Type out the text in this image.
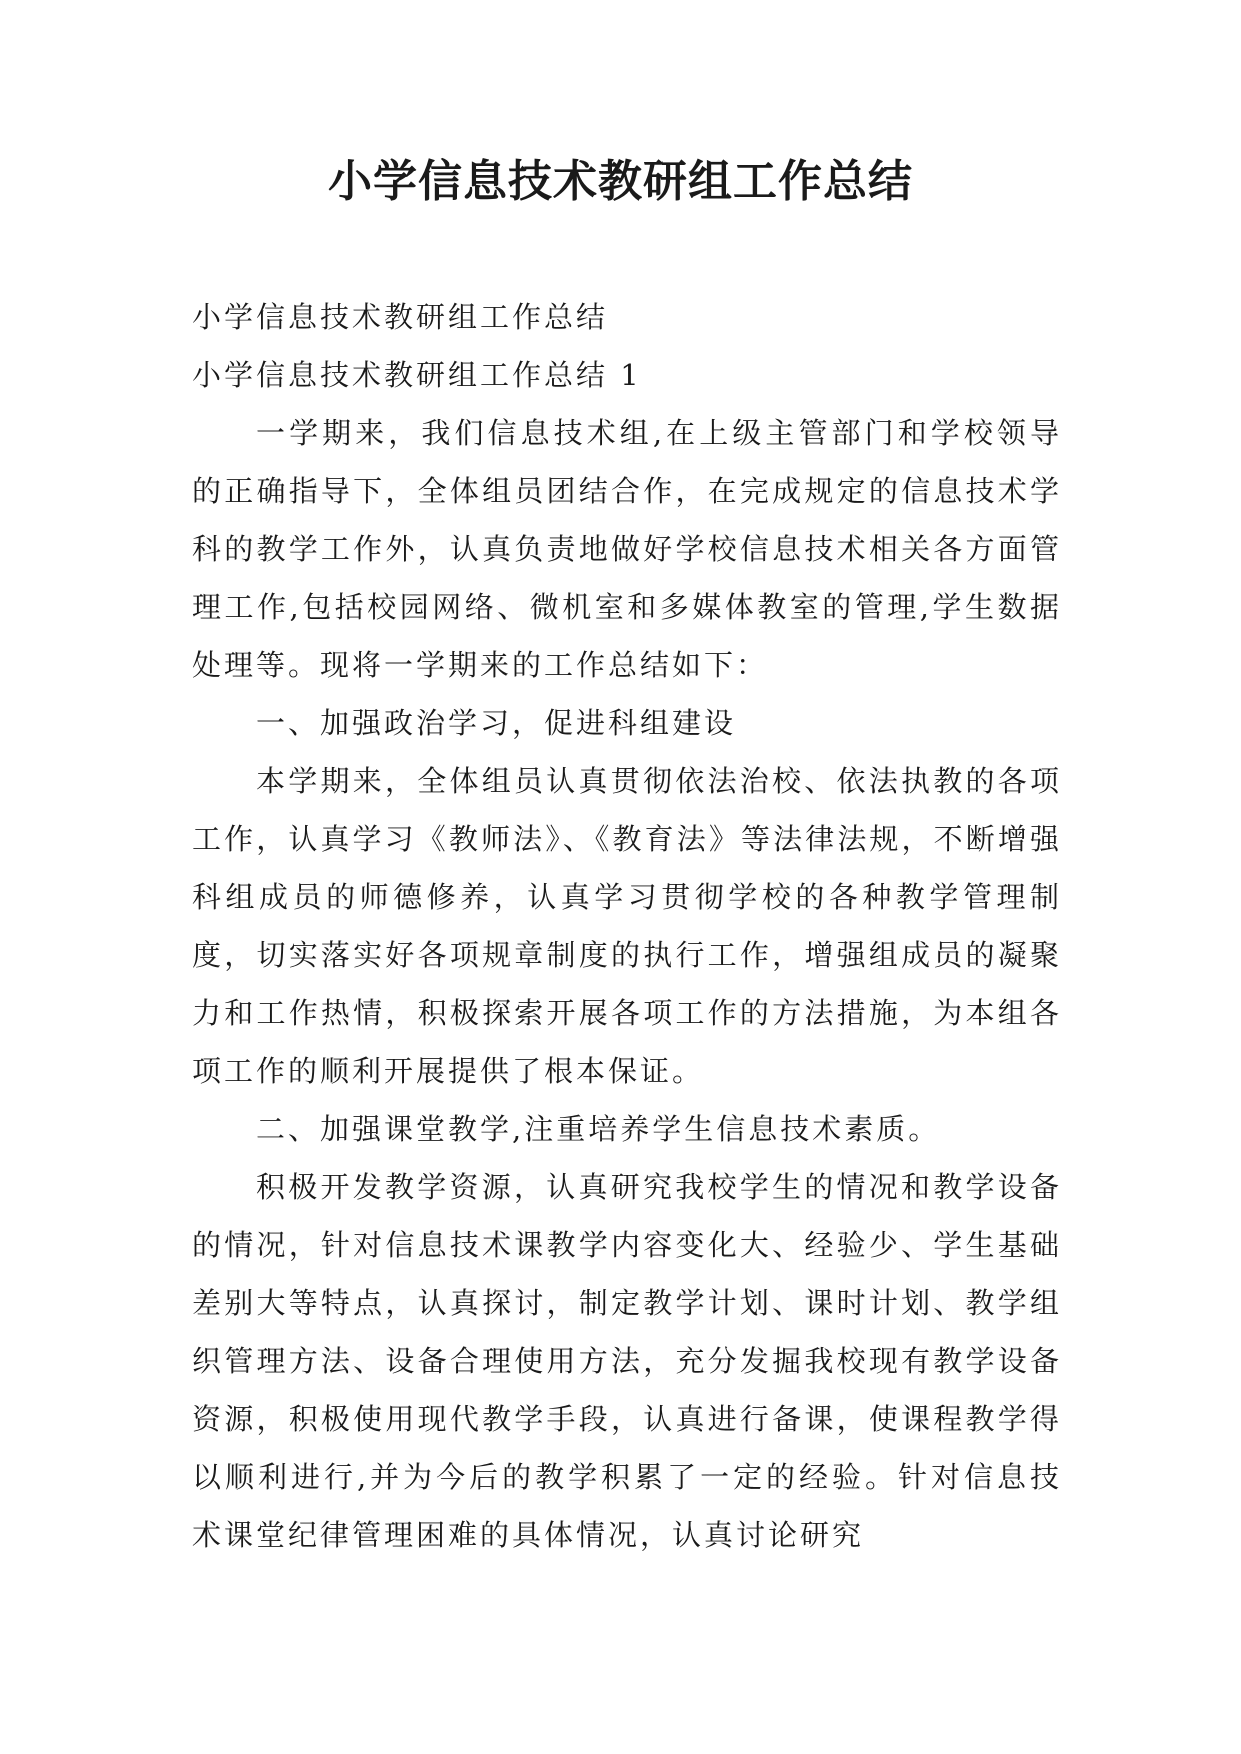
小学信息技术教研组工作总结

小学信息技术教研组工作总结

小学信息技术教研组工作总结 1

一学期来，我们信息技术组,在上级主管部门和学校领导的正确指导下，全体组员团结合作，在完成规定的信息技术学科的教学工作外，认真负责地做好学校信息技术相关各方面管理工作,包括校园网络、微机室和多媒体教室的管理,学生数据处理等。现将一学期来的工作总结如下：

一、加强政治学习，促进科组建设

本学期来，全体组员认真贯彻依法治校、依法执教的各项工作，认真学习《教师法》、《教育法》等法律法规，不断增强科组成员的师德修养，认真学习贯彻学校的各种教学管理制度，切实落实好各项规章制度的执行工作，增强组成员的凝聚力和工作热情，积极探索开展各项工作的方法措施，为本组各项工作的顺利开展提供了根本保证。

二、加强课堂教学,注重培养学生信息技术素质。

积极开发教学资源，认真研究我校学生的情况和教学设备的情况，针对信息技术课教学内容变化大、经验少、学生基础差别大等特点，认真探讨，制定教学计划、课时计划、教学组织管理方法、设备合理使用方法，充分发掘我校现有教学设备资源，积极使用现代教学手段，认真进行备课，使课程教学得以顺利进行,并为今后的教学积累了一定的经验。针对信息技术课堂纪律管理困难的具体情况，认真讨论研究
